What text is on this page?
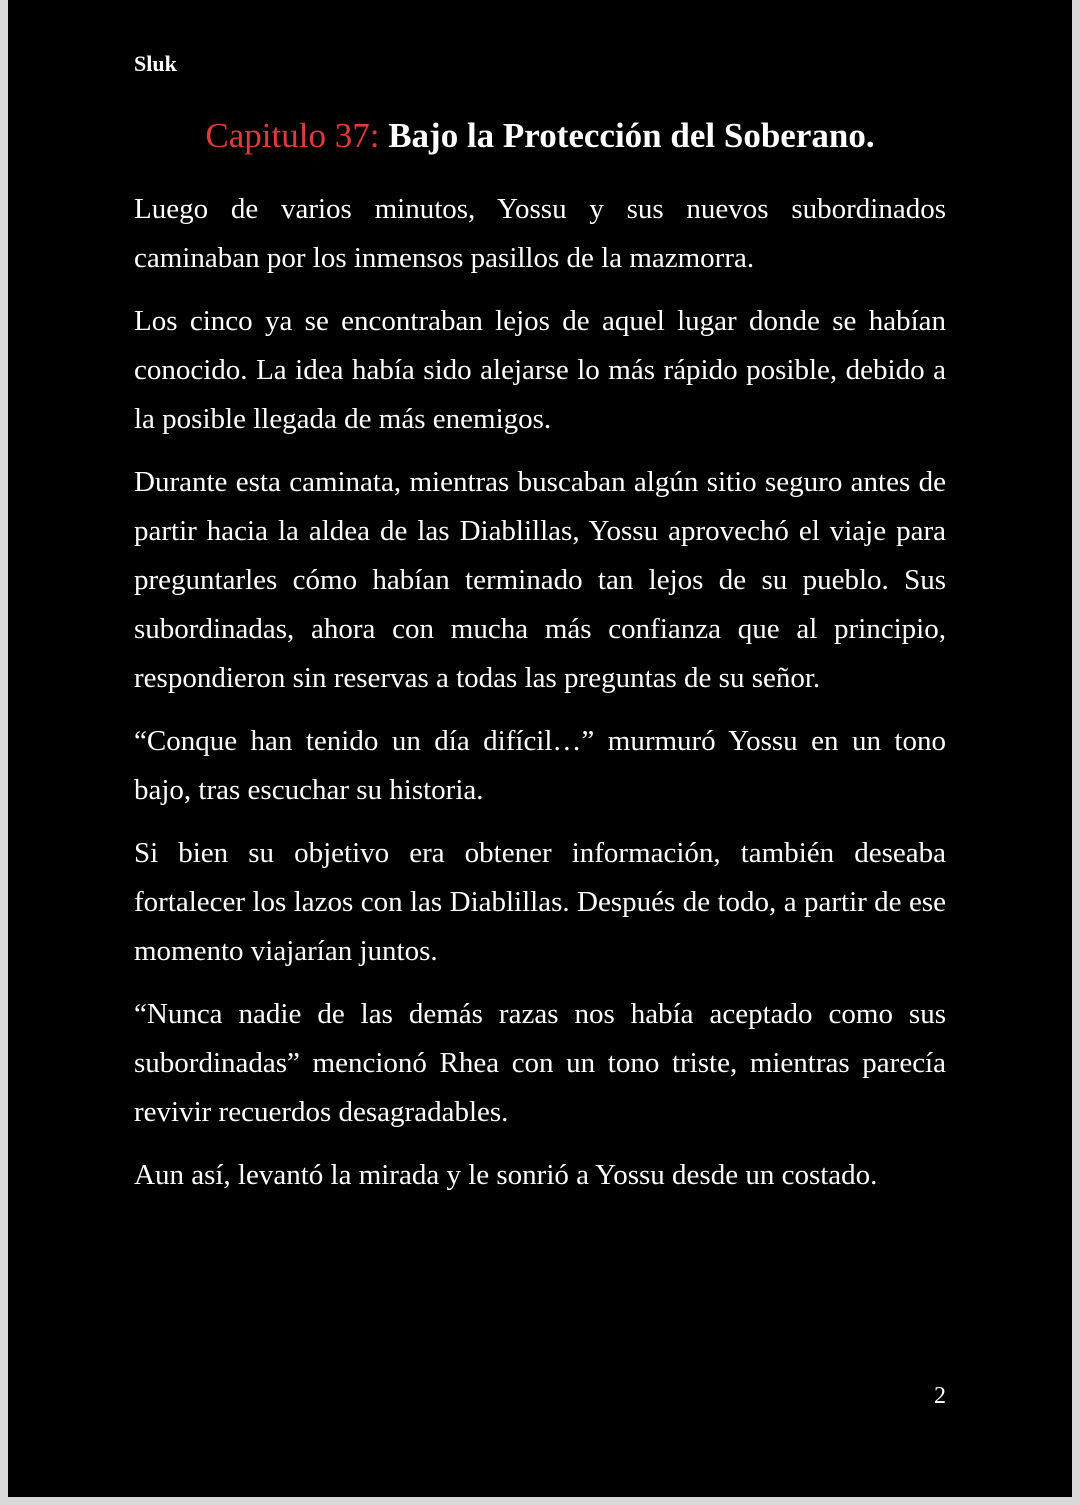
Sluk
Capitulo 37: Bajo la Protección del Soberano.

Luego de varios minutos, Yossu y sus nuevos subordinados caminaban por los inmensos pasillos de la mazmorra.

Los cinco ya se encontraban lejos de aquel lugar donde se habían conocido. La idea había sido alejarse lo más rápido posible, debido a la posible llegada de más enemigos.

Durante esta caminata, mientras buscaban algún sitio seguro antes de partir hacia la aldea de las Diablillas, Yossu aprovechó el viaje para preguntarles cómo habían terminado tan lejos de su pueblo. Sus subordinadas, ahora con mucha más confianza que al principio, respondieron sin reservas a todas las preguntas de su señor.

“Conque han tenido un día difícil…” murmuró Yossu en un tono bajo, tras escuchar su historia.

Si bien su objetivo era obtener información, también deseaba fortalecer los lazos con las Diablillas. Después de todo, a partir de ese momento viajarían juntos.

“Nunca nadie de las demás razas nos había aceptado como sus subordinadas” mencionó Rhea con un tono triste, mientras parecía revivir recuerdos desagradables.

Aun así, levantó la mirada y le sonrió a Yossu desde un costado.

2
